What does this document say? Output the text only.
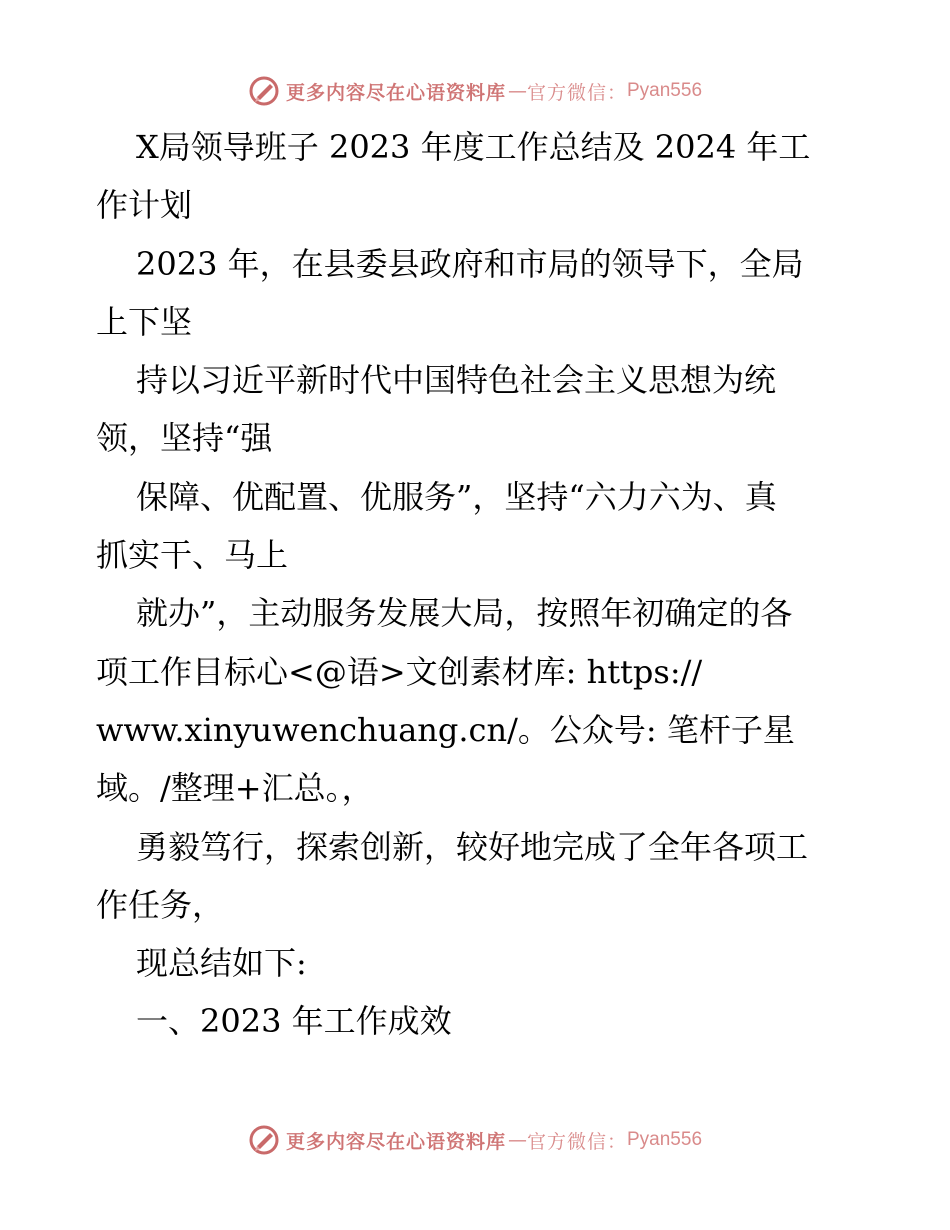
更多内容尽在心语资料库 — 官方微信： Pyan556
X局领导班子 2023 年度工作总结及 2024 年工
作计划
2023 年，在县委县政府和市局的领导下，全局
上下坚
持以习近平新时代中国特色社会主义思想为统
领，坚持“强
保障、优配置、优服务”，坚持“六力六为、真
抓实干、马上
就办”，主动服务发展大局，按照年初确定的各
项工作目标心<@语>文创素材库: https://
www.xinyuwenchuang.cn/。公众号: 笔杆子星
域。/整理+汇总。，
勇毅笃行，探索创新，较好地完成了全年各项工
作任务，
现总结如下:
一、2023 年工作成效
更多内容尽在心语资料库 — 官方微信： Pyan556
